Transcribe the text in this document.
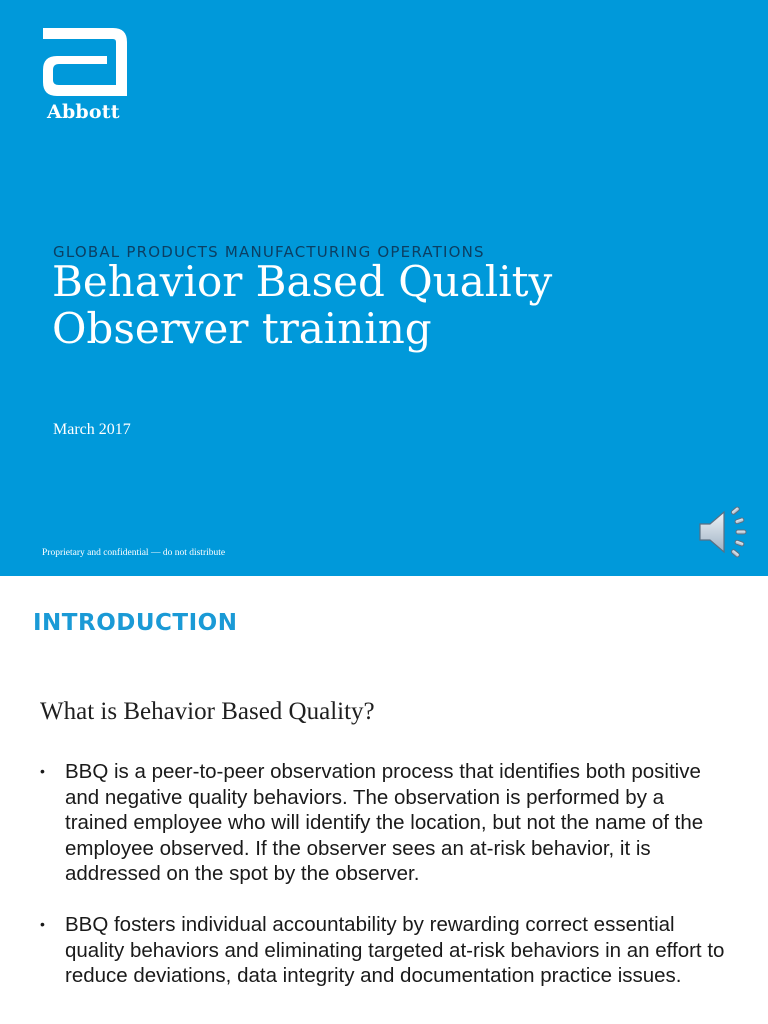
Abbott
GLOBAL PRODUCTS MANUFACTURING OPERATIONS
Behavior Based Quality
Observer training
March 2017
Proprietary and confidential — do not distribute
INTRODUCTION
What is Behavior Based Quality?
• BBQ is a peer-to-peer observation process that identifies both positive and negative quality behaviors. The observation is performed by a trained employee who will identify the location, but not the name of the employee observed. If the observer sees an at-risk behavior, it is addressed on the spot by the observer.
• BBQ fosters individual accountability by rewarding correct essential quality behaviors and eliminating targeted at-risk behaviors in an effort to reduce deviations, data integrity and documentation practice issues.
